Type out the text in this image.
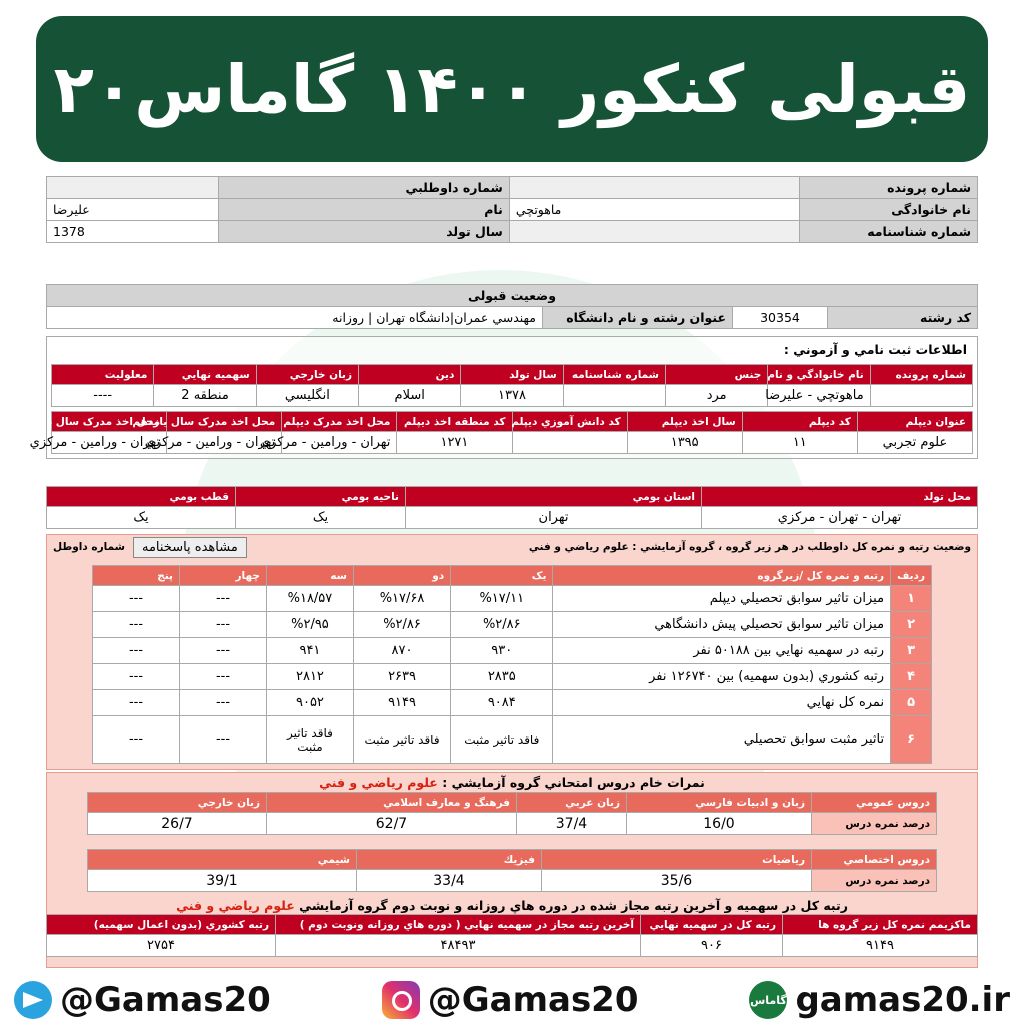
قبولی کنکور ۱۴۰۰ گاماس۲۰
شماره پرونده		شماره داوطلبي	
نام خانوادگی	ماهوتچي	نام	عليرضا
شماره شناسنامه		سال تولد	1378
وضعيت قبولی
کد رشته	30354	عنوان رشته و نام دانشگاه	مهندسي عمران|دانشگاه تهران | روزانه
اطلاعات ثبت نامي و آزموني :
شماره پرونده	نام خانوادگي و نام	جنس	شماره شناسنامه	سال تولد	دين	زبان خارجي	سهميه نهايي	معلوليت
	ماهوتچي - عليرضا	مرد		۱۳۷۸	اسلام	انگليسي	منطقه 2	----
عنوان ديپلم	کد ديپلم	سال اخذ ديپلم	کد دانش آموزي ديپلم	کد منطقه اخذ ديپلم	محل اخذ مدرک ديپلم	محل اخذ مدرک سال يازدهم	محل اخذ مدرک سال دهم
علوم تجربي	۱۱	۱۳۹۵		۱۲۷۱	تهران - ورامين - مرکزي	تهران - ورامين - مرکزي	تهران - ورامين - مرکزي
محل تولد	استان بومي	ناحيه بومي	قطب بومي
تهران - تهران - مرکزي	تهران	يک	يک
وضعيت رتبه و نمره کل داوطلب در هر زير گروه ، گروه آزمايشي : علوم رياضي و فني
مشاهده پاسخنامه
شماره داوطل
رديف	رتبه و نمره کل /زيرگروه	يک	دو	سه	چهار	پنج
۱	ميزان تاثير سوابق تحصيلي ديپلم	%۱۷/۱۱	%۱۷/۶۸	%۱۸/۵۷	---	---
۲	ميزان تاثير سوابق تحصيلي پيش دانشگاهي	%۲/۸۶	%۲/۸۶	%۲/۹۵	---	---
۳	رتبه در سهميه نهايي بين ۵۰۱۸۸ نفر	۹۳۰	۸۷۰	۹۴۱	---	---
۴	رتبه کشوري (بدون سهميه) بين ۱۲۶۷۴۰ نفر	۲۸۳۵	۲۶۳۹	۲۸۱۲	---	---
۵	نمره کل نهايي	۹۰۸۴	۹۱۴۹	۹۰۵۲	---	---
۶	تاثير مثبت سوابق تحصيلي	فاقد تاثير مثبت	فاقد تاثير مثبت	فاقد تاثير مثبت	---	---
نمرات خام دروس امتحاني گروه آزمايشي : علوم رياضي و فني
دروس عمومي	زبان و ادبيات فارسي	زبان عربي	فرهنگ و معارف اسلامي	زبان خارجي
درصد نمره درس	16/0	37/4	62/7	26/7
دروس اختصاصي	رياضيات	فيزيك	شيمي
درصد نمره درس	35/6	33/4	39/1
رتبه کل در سهميه و آخرين رتبه مجاز شده در دوره هاي روزانه و نوبت دوم گروه آزمايشي علوم رياضي و فني
ماکزيمم نمره کل زير گروه ها	رتبه کل در سهميه نهايي	آخرين رتبه مجاز در سهميه نهايي ( دوره هاي روزانه ونوبت دوم )	رتبه کشوري (بدون اعمال سهميه)
۹۱۴۹	۹۰۶	۴۸۴۹۳	۲۷۵۴
@Gamas20	@Gamas20	گاماس gamas20.ir
